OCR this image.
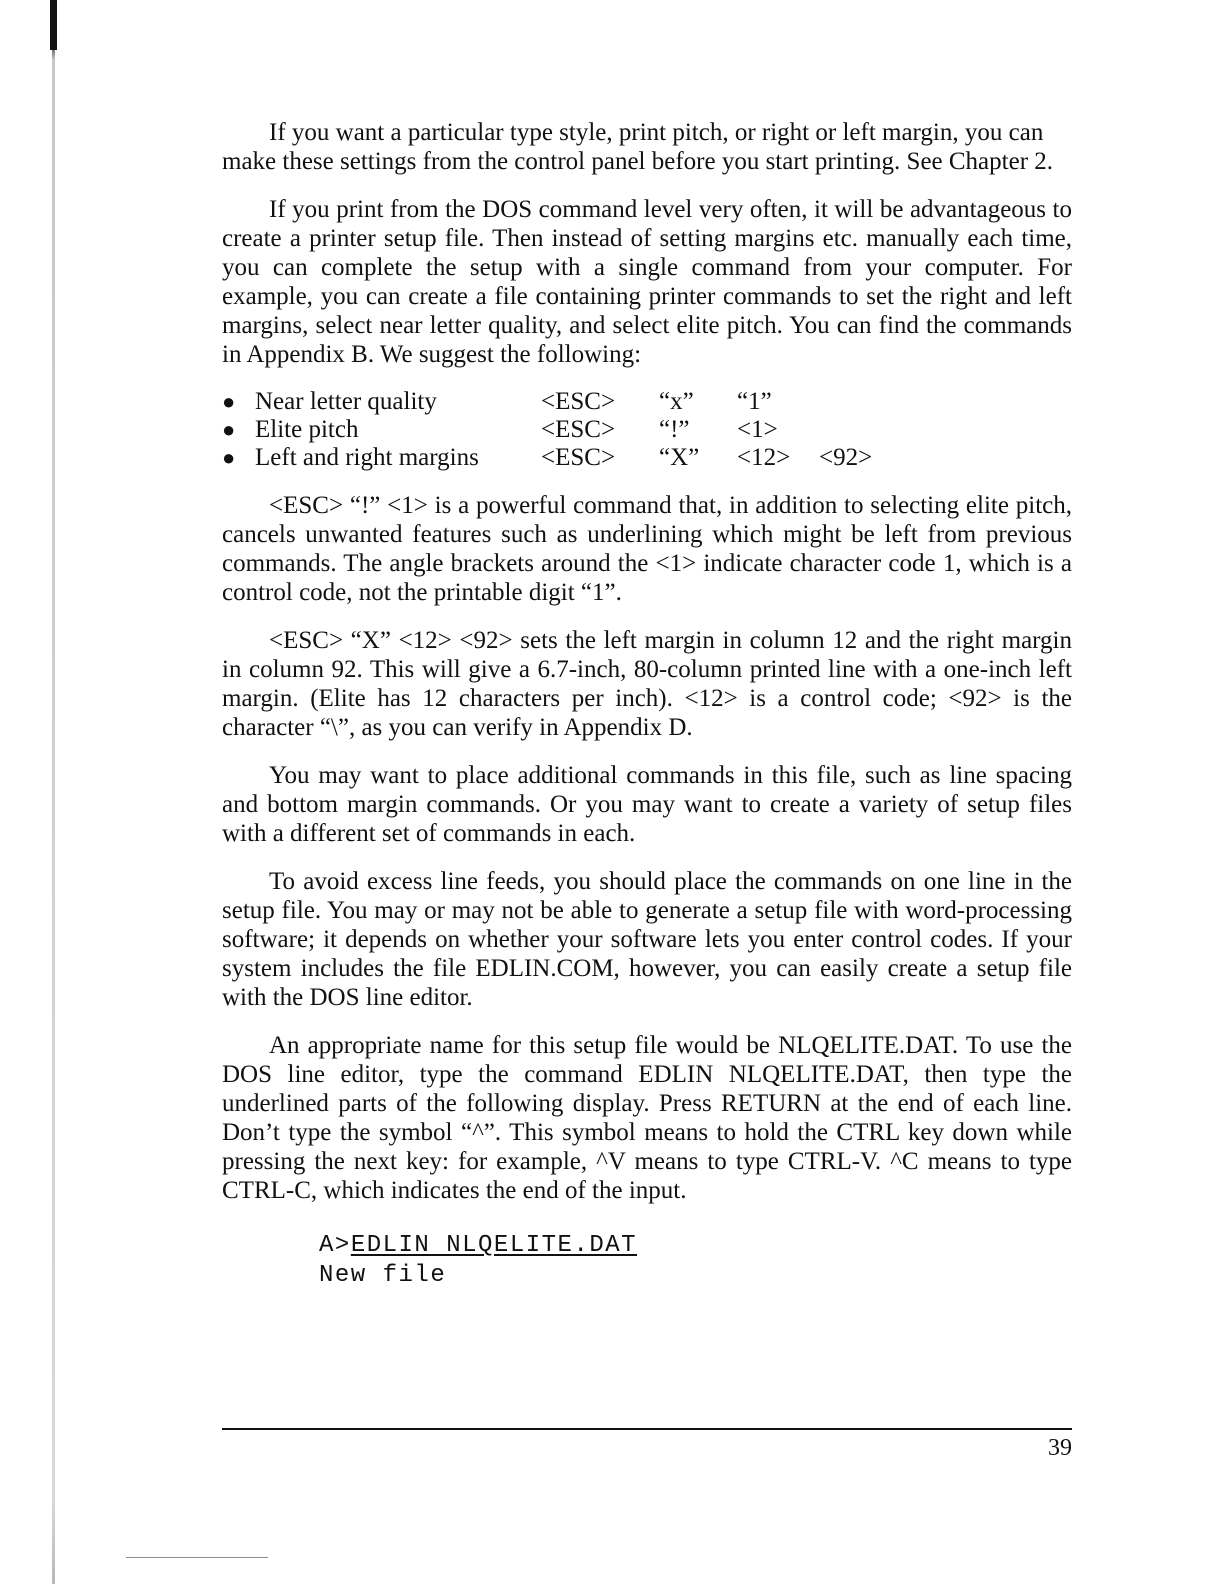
If you want a particular type style, print pitch, or right or left margin, you can make these settings from the control panel before you start printing. See Chapter 2.

If you print from the DOS command level very often, it will be advantageous to create a printer setup file. Then instead of setting margins etc. manually each time, you can complete the setup with a single command from your computer. For example, you can create a file containing printer commands to set the right and left margins, select near letter quality, and select elite pitch. You can find the commands in Appendix B. We suggest the following:

● Near letter quality	<ESC>	“x”	“1”
● Elite pitch	<ESC>	“!”	<1>
● Left and right margins	<ESC>	“X”	<12>	<92>

<ESC> “!” <1> is a powerful command that, in addition to selecting elite pitch, cancels unwanted features such as underlining which might be left from previous commands. The angle brackets around the <1> indicate character code 1, which is a control code, not the printable digit “1”.

<ESC> “X” <12> <92> sets the left margin in column 12 and the right margin in column 92. This will give a 6.7-inch, 80-column printed line with a one-inch left margin. (Elite has 12 characters per inch). <12> is a control code; <92> is the character “\”, as you can verify in Appendix D.

You may want to place additional commands in this file, such as line spacing and bottom margin commands. Or you may want to create a variety of setup files with a different set of commands in each.

To avoid excess line feeds, you should place the commands on one line in the setup file. You may or may not be able to generate a setup file with word-processing software; it depends on whether your software lets you enter control codes. If your system includes the file EDLIN.COM, however, you can easily create a setup file with the DOS line editor.

An appropriate name for this setup file would be NLQELITE.DAT. To use the DOS line editor, type the command EDLIN NLQELITE.DAT, then type the underlined parts of the following display. Press RETURN at the end of each line. Don’t type the symbol “^”. This symbol means to hold the CTRL key down while pressing the next key: for example, ^V means to type CTRL-V. ^C means to type CTRL-C, which indicates the end of the input.

A>EDLIN NLQELITE.DAT
New file
39
